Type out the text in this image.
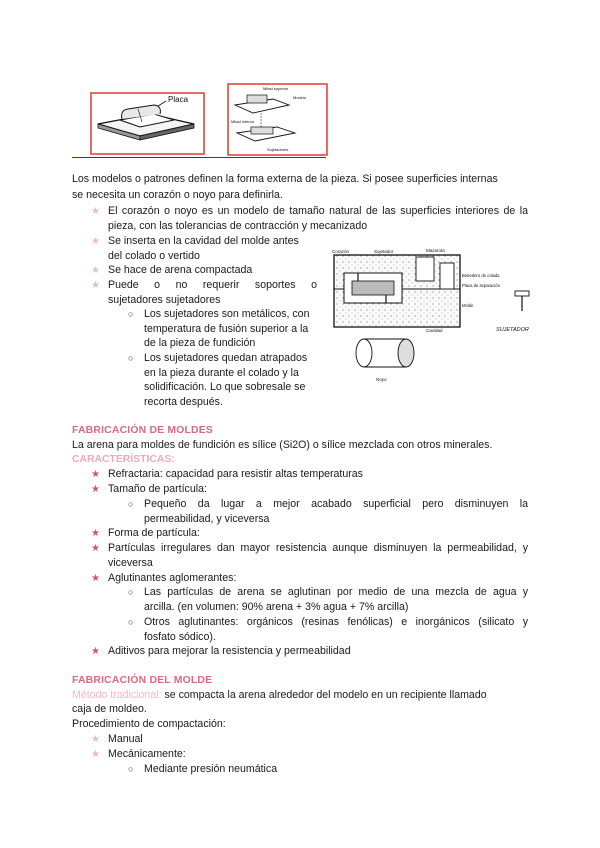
Placa
Mitad superior
Modelo
Mitad inferior
Sujetadores
Los modelos o patrones definen la forma externa de la pieza. Si posee superficies internas
se necesita un corazón o noyo para definirla.
★ El corazón o noyo es un modelo de tamaño natural de las superficies interiores de la
pieza, con las tolerancias de contracción y mecanizado
★ Se inserta en la cavidad del molde antes
del colado o vertido
★ Se hace de arena compactada
★ Puede o no requerir soportes o
sujetadores sujetadores
○ Los sujetadores son metálicos, con
temperatura de fusión superior a la
de la pieza de fundición
○ Los sujetadores quedan atrapados
en la pieza durante el colado y la
solidificación. Lo que sobresale se
recorta después.
Corazón	Sujetador	Mazarota
Bebedero de colada
Placa de separación
Molde
Cavidad	SUJETADOR
Noyo
FABRICACIÓN DE MOLDES
La arena para moldes de fundición es sílice (Si2O) o sílice mezclada con otros minerales.
CARACTERÍSTICAS:
★ Refractaria: capacidad para resistir altas temperaturas
★ Tamaño de partícula:
○ Pequeño da lugar a mejor acabado superficial pero disminuyen la
permeabilidad, y viceversa
★ Forma de partícula:
★ Partículas irregulares dan mayor resistencia aunque disminuyen la permeabilidad, y
viceversa
★ Aglutinantes aglomerantes:
○ Las partículas de arena se aglutinan por medio de una mezcla de agua y
arcilla. (en volumen: 90% arena + 3% agua + 7% arcilla)
○ Otros aglutinantes: orgánicos (resinas fenólicas) e inorgánicos (silicato y
fosfato sódico).
★ Aditivos para mejorar la resistencia y permeabilidad
FABRICACIÓN DEL MOLDE
Método tradicional: se compacta la arena alrededor del modelo en un recipiente llamado
caja de moldeo.
Procedimiento de compactación:
★ Manual
★ Mecánicamente:
○ Mediante presión neumática
